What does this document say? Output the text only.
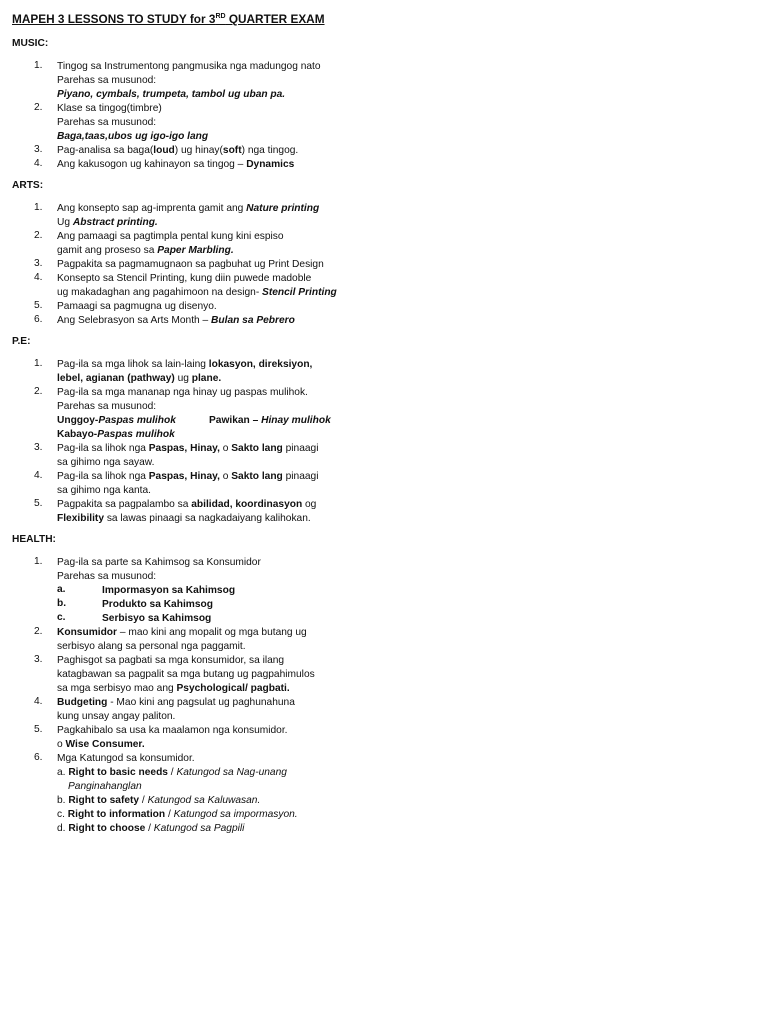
MAPEH 3 LESSONS TO STUDY for 3RD QUARTER EXAM
MUSIC:
ARTS:
P.E:
HEALTH:
1. Tingog sa Instrumentong pangmusika nga madungog nato
Parehas sa musunod:
Piyano, cymbals, trumpeta, tambol ug uban pa.
2. Klase sa tingog(timbre)
Parehas sa musunod:
Baga,taas,ubos ug igo-igo lang
3. Pag-analisa sa baga(loud) ug hinay(soft) nga tingog.
4. Ang kakusogon ug kahinayon sa tingog – Dynamics
1. Ang konsepto sap ag-imprenta gamit ang Nature printing
Ug Abstract printing.
2. Ang pamaagi sa pagtimpla pental kung kini espiso
gamit ang proseso sa Paper Marbling.
3. Pagpakita sa pagmamugnaon sa pagbuhat ug Print Design
4. Konsepto sa Stencil Printing, kung diin puwede madoble
ug makadaghan ang pagahimoon na design- Stencil Printing
5. Pamaagi sa pagmugna ug disenyo.
6. Ang Selebrasyon sa Arts Month – Bulan sa Pebrero
1. Pag-ila sa mga lihok sa lain-laing lokasyon, direksiyon,
lebel, agianan (pathway) ug plane.
2. Pag-ila sa mga mananap nga hinay ug paspas mulihok.
Parehas sa musunod:
Unggoy-Paspas mulihok	Pawikan – Hinay mulihok
Kabayo-Paspas mulihok
3. Pag-ila sa lihok nga Paspas, Hinay, o Sakto lang pinaagi
sa gihimo nga sayaw.
4. Pag-ila sa lihok nga Paspas, Hinay, o Sakto lang pinaagi
sa gihimo nga kanta.
5. Pagpakita sa pagpalambo sa abilidad, koordinasyon og
Flexibility sa lawas pinaagi sa nagkadaiyang kalihokan.
1. Pag-ila sa parte sa Kahimsog sa Konsumidor
Parehas sa musunod:
a.	Impormasyon sa Kahimsog
b.	Produkto sa Kahimsog
c.	Serbisyo sa Kahimsog
2. Konsumidor – mao kini ang mopalit og mga butang ug
serbisyo alang sa personal nga paggamit.
3. Paghisgot sa pagbati sa mga konsumidor, sa ilang
katagbawan sa pagpalit sa mga butang ug pagpahimulos
sa mga serbisyo mao ang Psychological/ pagbati.
4. Budgeting - Mao kini ang pagsulat ug paghunahuna
kung unsay angay paliton.
5. Pagkahibalo sa usa ka maalamon nga konsumidor.
o Wise Consumer.
6. Mga Katungod sa konsumidor.
a. Right to basic needs / Katungod sa Nag-unang
Panginahanglan
b. Right to safety / Katungod sa Kaluwasan.
c. Right to information / Katungod sa impormasyon.
d. Right to choose / Katungod sa Pagpili
